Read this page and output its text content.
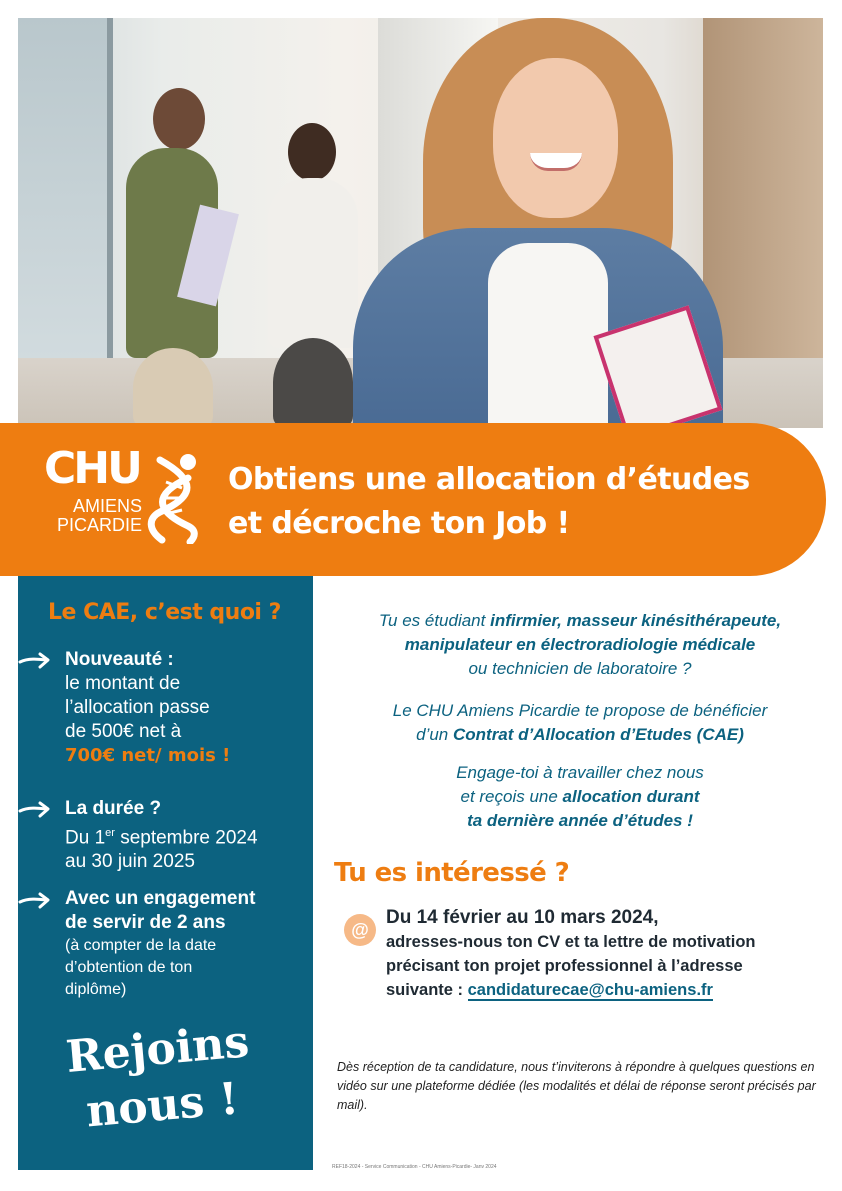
CHU
AMIENS
PICARDIE
Obtiens une allocation d’études
et décroche ton Job !
Le CAE, c’est quoi ?
Nouveauté :
le montant de
l’allocation passe
de 500€ net à
700€ net/ mois !
La durée ?
Du 1er septembre 2024
au 30 juin 2025
Avec un engagement
de servir de 2 ans
(à compter de la date
d’obtention de ton
diplôme)
Rejoins
nous !
Tu es étudiant infirmier, masseur kinésithérapeute,
manipulateur en électroradiologie médicale
ou technicien de laboratoire ?
Le CHU Amiens Picardie te propose de bénéficier
d’un Contrat d’Allocation d’Etudes (CAE)
Engage-toi à travailler chez nous
et reçois une allocation durant
ta dernière année d’études !
Tu es intéressé ?
@
Du 14 février au 10 mars 2024,
adresses-nous ton CV et ta lettre de motivation
précisant ton projet professionnel à l’adresse
suivante : candidaturecae@chu-amiens.fr
Dès réception de ta candidature, nous t’inviterons à répondre à quelques questions en vidéo sur une plateforme dédiée (les modalités et délai de réponse seront précisés par mail).
REF18-2024 - Service Communication - CHU Amiens-Picardie- Janv 2024
